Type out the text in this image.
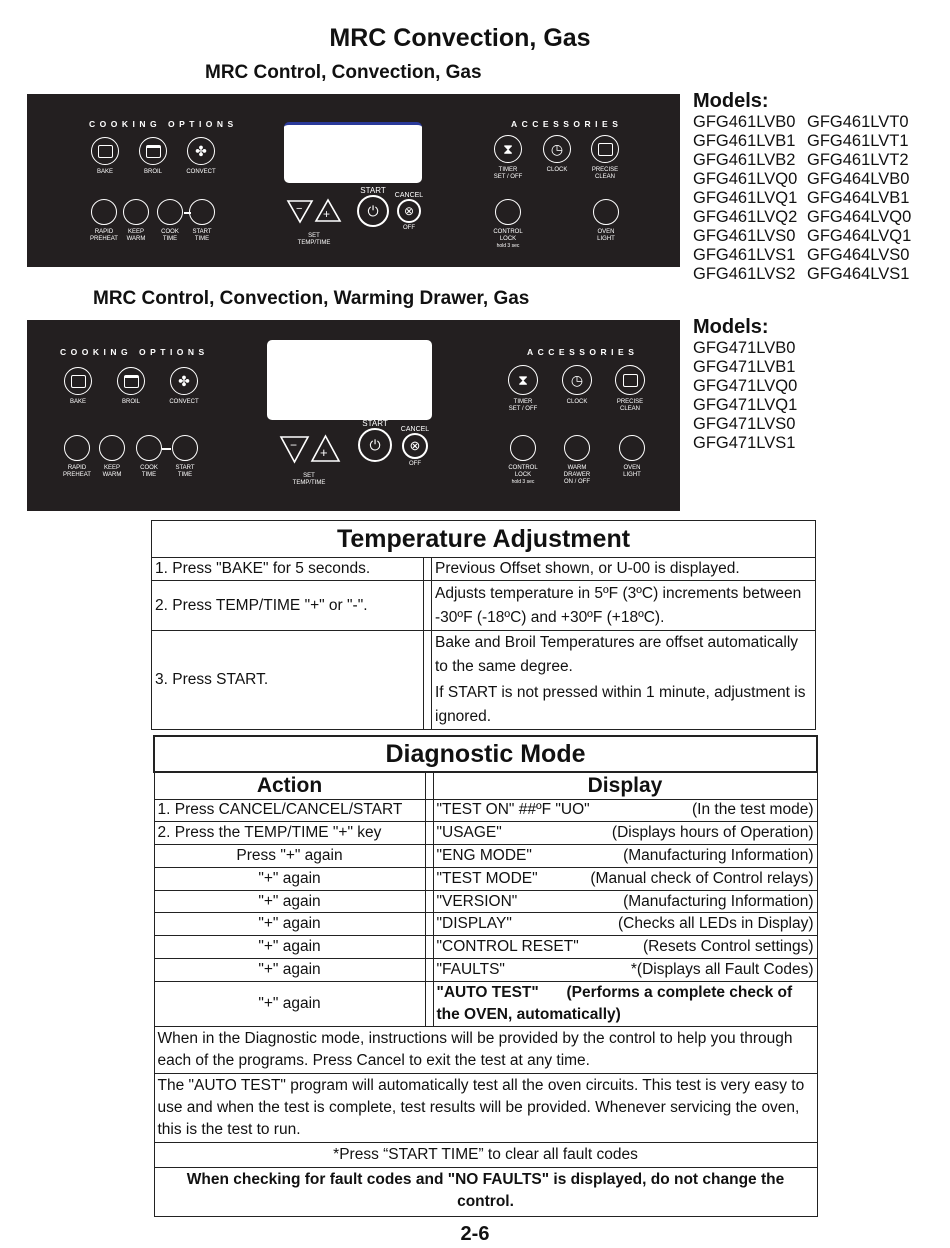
MRC Convection, Gas
MRC Control, Convection, Gas
COOKING OPTIONS	ACCESSORIES
BAKE	BROIL
✤
CONVECT
RAPID
PREHEAT
KEEP
WARM
COOK
TIME
START
TIME
− +
SET
TEMP/TIME
START
⏻
CANCEL
⊗
OFF
⧗
TIMER
SET / OFF
◷
CLOCK	PRECISE
CLEAN
CONTROL
LOCK
hold 3 sec
OVEN
LIGHT
Models:
GFG461LVB0 GFG461LVT0
GFG461LVB1 GFG461LVT1
GFG461LVB2 GFG461LVT2
GFG461LVQ0 GFG464LVB0
GFG461LVQ1 GFG464LVB1
GFG461LVQ2 GFG464LVQ0
GFG461LVS0 GFG464LVQ1
GFG461LVS1 GFG464LVS0
GFG461LVS2 GFG464LVS1
MRC Control, Convection, Warming Drawer, Gas
COOKING OPTIONS	ACCESSORIES
BAKE	BROIL
✤
CONVECT
RAPID
PREHEAT
KEEP
WARM
COOK
TIME
START
TIME
− +
SET
TEMP/TIME
START
⏻
CANCEL
⊗
OFF
⧗
TIMER
SET / OFF
◷
CLOCK	PRECISE
CLEAN
CONTROL
LOCK
hold 3 sec
WARM
DRAWER
ON / OFF
OVEN
LIGHT
Models:
GFG471LVB0
GFG471LVB1
GFG471LVQ0
GFG471LVQ1
GFG471LVS0
GFG471LVS1
Temperature Adjustment		
1. Press "BAKE" for 5 seconds.		Previous Offset shown, or U-00 is displayed.
2. Press TEMP/TIME "+" or "-".		Adjusts temperature in 5ºF (3ºC) increments between -30ºF (-18ºC) and +30ºF (+18ºC).
3. Press START.		Bake and Broil Temperatures are offset automatically to the same degree.
If START is not pressed within 1 minute, adjustment is ignored.
Diagnostic Mode		
Action		Display
1. Press CANCEL/CANCEL/START		"TEST ON" ##ºF "UO" (In the test mode)

2. Press the TEMP/TIME "+" key		"USAGE" (Displays hours of Operation)

Press "+" again		"ENG MODE" (Manufacturing Information)

"+" again		"TEST MODE" (Manual check of Control relays)

"+" again		"VERSION" (Manufacturing Information)

"+" again		"DISPLAY" (Checks all LEDs in Display)

"+" again		"CONTROL RESET" (Resets Control settings)

"+" again		"FAULTS" *(Displays all Fault Codes)

"+" again		"AUTO TEST" (Performs a complete check of
the OVEN, automatically)

When in the Diagnostic mode, instructions will be provided by the control to help you through each of the programs. Press Cancel to exit the test at any time.		
The "AUTO TEST" program will automatically test all the oven circuits. This test is very easy to use and when the test is complete, test results will be provided. Whenever servicing the oven, this is the test to run.		
*Press “START TIME” to clear all fault codes		
When checking for fault codes and "NO FAULTS" is displayed, do not change the control.		
2-6
